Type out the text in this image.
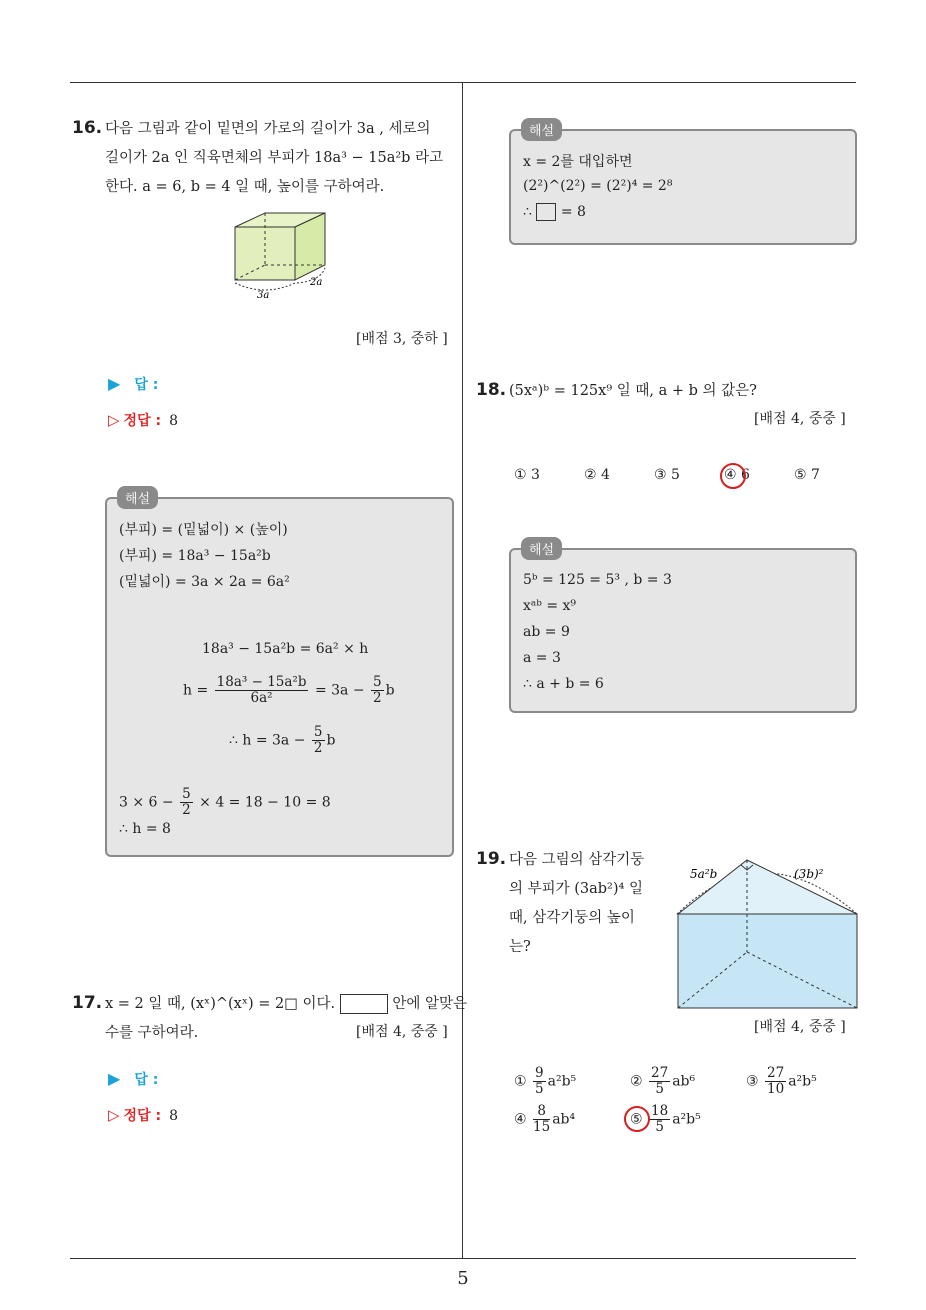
5
16. 다음 그림과 같이 밑면의 가로의 길이가 3a , 세로의
길이가 2a 인 직육면체의 부피가 18a³ − 15a²b 라고
한다. a = 6, b = 4 일 때, 높이를 구하여라.
3a
2a
[배점 3, 중하 ]
▶ 답 :
▷ 정답 : 8
해설
(부피) = (밑넓이) × (높이)
(부피) = 18a³ − 15a²b
(밑넓이) = 3a × 2a = 6a²
18a³ − 15a²b = 6a² × h
$h = \frac{\text{18a³ − 15a²b}}{\text{6a²}} = 3a - \frac{5}{2}$ b
∴ $h = 3a - \frac{5}{2}$ b
$3 \times 6 - \frac{5}{2} \times 4 = 18 - 10 = 8$
∴ h = 8
17. x = 2 일 때, (xˣ)^(xˣ) = 2□ 이다.	안에 알맞은
수를 구하여라.	[배점 4, 중중 ]
▶ 답 :
▷ 정답 : 8
해설
x = 2를 대입하면
(2²)^(2²) = (2²)⁴ = 2⁸
∴ = 8
18. (5xᵃ)ᵇ = 125x⁹ 일 때, a + b 의 값은?
[배점 4, 중중 ]
① 3	② 4	③ 5	④ 6	⑤ 7
해설
5ᵇ = 125 = 5³ , b = 3
xᵃᵇ = x⁹
ab = 9
a = 3
∴ a + b = 6
19. 다음 그림의 삼각기둥
의 부피가 (3ab²)⁴ 일
때, 삼각기둥의 높이
는?
5a²b	(3b)²
[배점 4, 중중 ]
① $\frac{9}{5} a^2b^5$	② $\frac{27}{5} ab^6$	③ $\frac{27}{10} a^2b^5$
④ $\frac{8}{15} ab^4$	⑤ $\frac{18}{5} a^2b^5$
